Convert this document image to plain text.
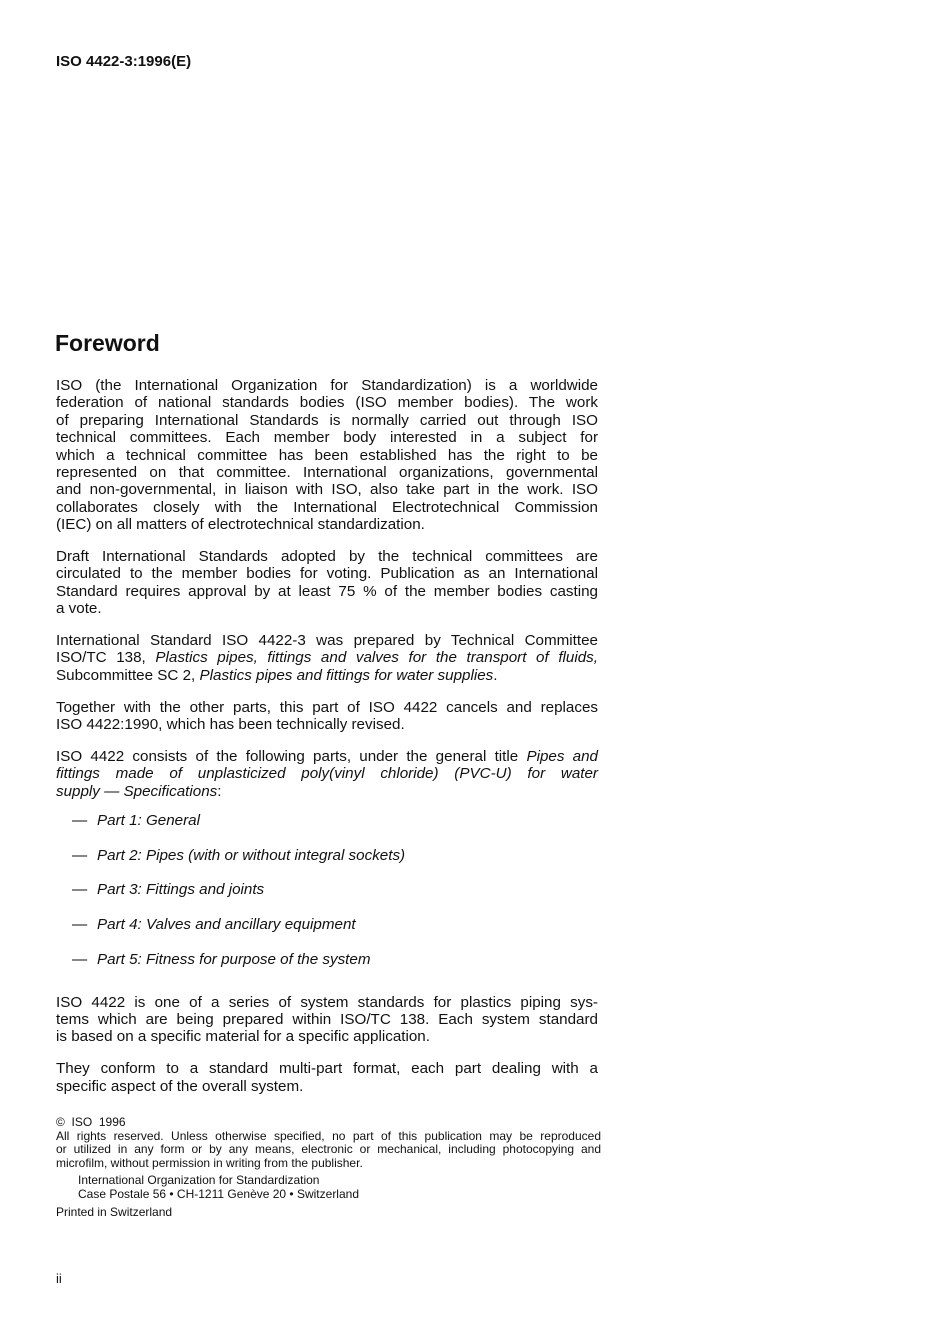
ISO 4422-3:1996(E)
Foreword
ISO (the International Organization for Standardization) is a worldwide
federation of national standards bodies (ISO member bodies). The work
of preparing International Standards is normally carried out through ISO
technical committees. Each member body interested in a subject for
which a technical committee has been established has the right to be
represented on that committee. International organizations, governmental
and non-governmental, in liaison with ISO, also take part in the work. ISO
collaborates closely with the International Electrotechnical Commission
(IEC) on all matters of electrotechnical standardization.
Draft International Standards adopted by the technical committees are
circulated to the member bodies for voting. Publication as an International
Standard requires approval by at least 75 % of the member bodies casting
a vote.
International Standard ISO 4422-3 was prepared by Technical Committee
ISO/TC 138, Plastics pipes, fittings and valves for the transport of fluids,
Subcommittee SC 2, Plastics pipes and fittings for water supplies.
Together with the other parts, this part of ISO 4422 cancels and replaces
ISO 4422:1990, which has been technically revised.
ISO 4422 consists of the following parts, under the general title Pipes and
fittings made of unplasticized poly(vinyl chloride) (PVC-U) for water
supply — Specifications:
— Part 1: General
— Part 2: Pipes (with or without integral sockets)
— Part 3: Fittings and joints
— Part 4: Valves and ancillary equipment
— Part 5: Fitness for purpose of the system
ISO 4422 is one of a series of system standards for plastics piping sys-
tems which are being prepared within ISO/TC 138. Each system standard
is based on a specific material for a specific application.
They conform to a standard multi-part format, each part dealing with a
specific aspect of the overall system.
©  ISO  1996
All rights reserved. Unless otherwise specified, no part of this publication may be reproduced
or utilized in any form or by any means, electronic or mechanical, including photocopying and
microfilm, without permission in writing from the publisher.
International Organization for Standardization
Case Postale 56 • CH-1211 Genève 20 • Switzerland
Printed in Switzerland
ii
